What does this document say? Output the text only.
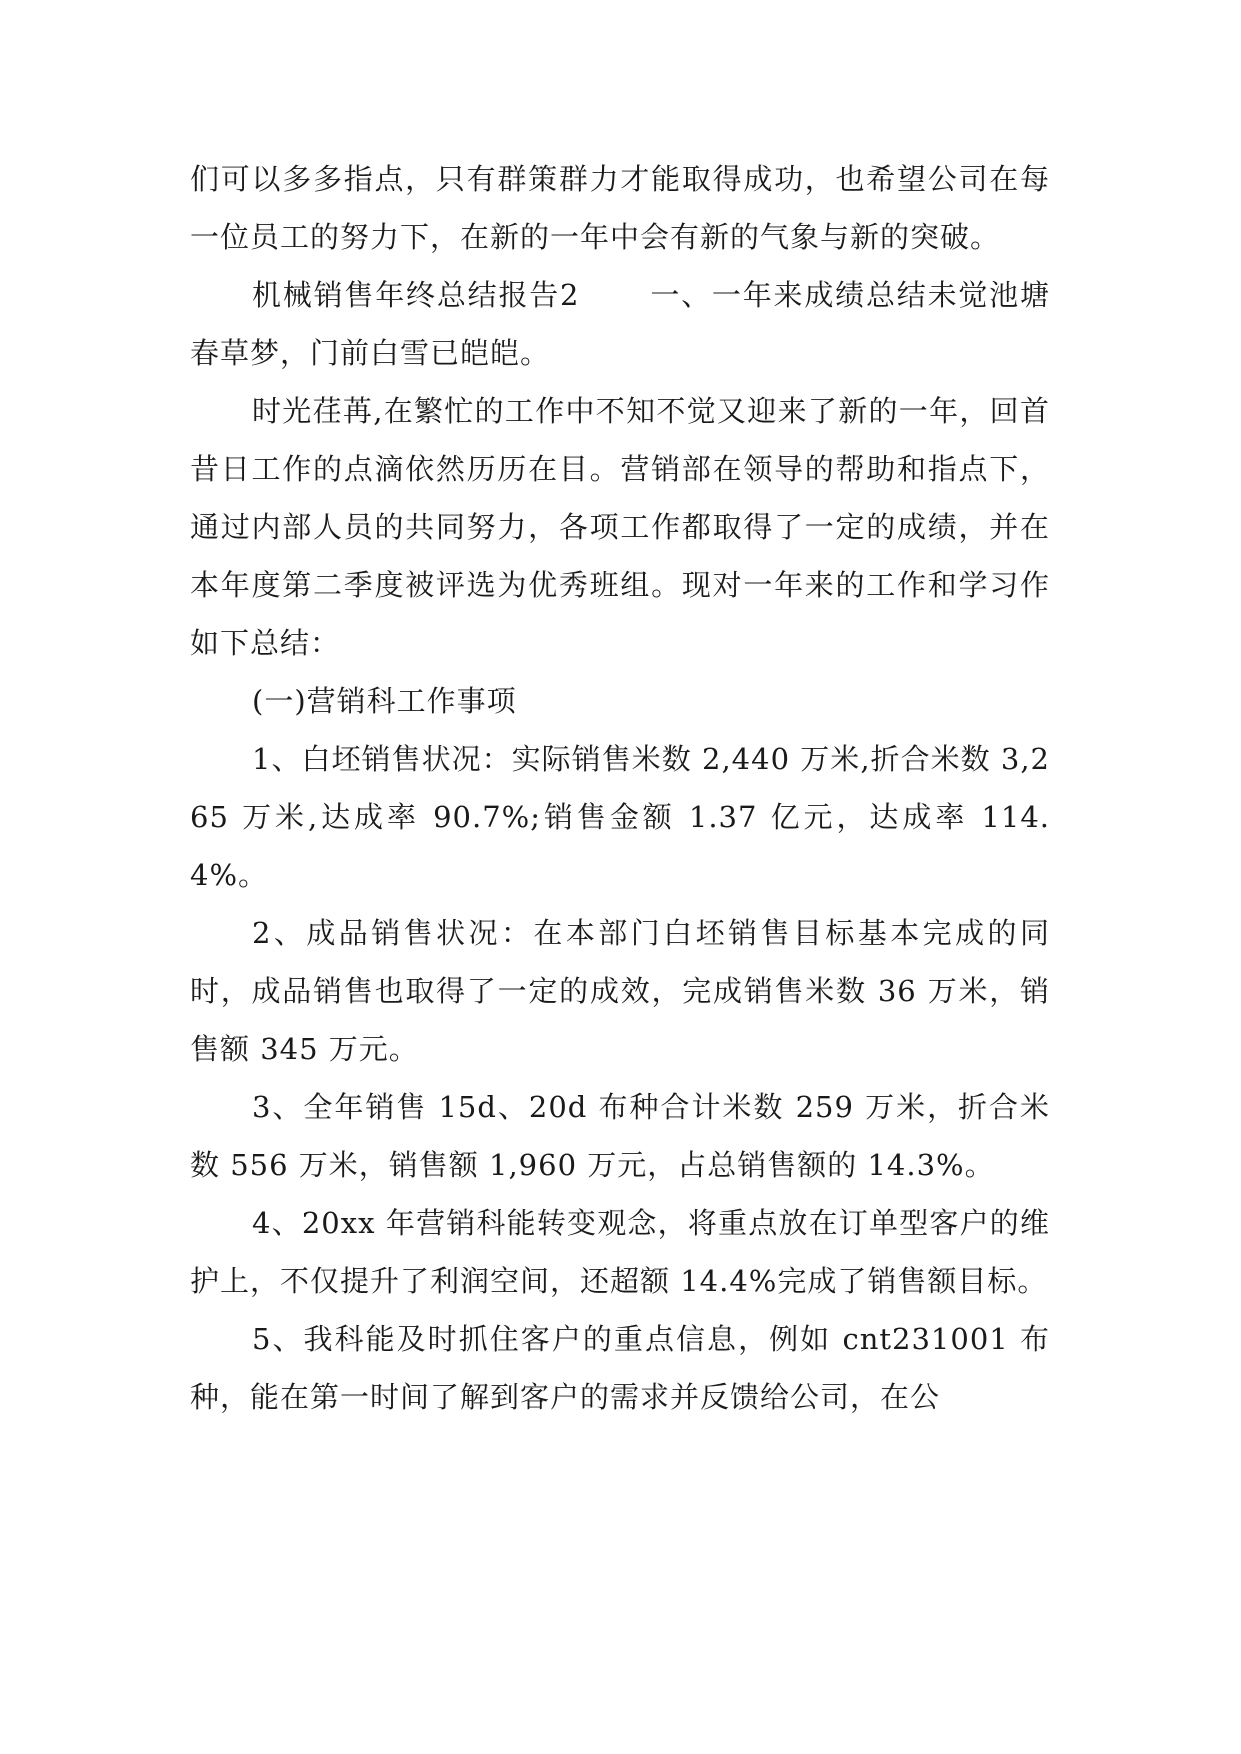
们可以多多指点，只有群策群力才能取得成功，也希望公司在每一位员工的努力下，在新的一年中会有新的气象与新的突破。

机械销售年终总结报告2 一、一年来成绩总结未觉池塘春草梦，门前白雪已皑皑。

时光荏苒,在繁忙的工作中不知不觉又迎来了新的一年，回首昔日工作的点滴依然历历在目。营销部在领导的帮助和指点下，通过内部人员的共同努力，各项工作都取得了一定的成绩，并在本年度第二季度被评选为优秀班组。现对一年来的工作和学习作如下总结：

(一)营销科工作事项

1、白坯销售状况：实际销售米数 2,440 万米,折合米数 3,265 万米,达成率 90.7%;销售金额 1.37 亿元，达成率 114.4%。

2、成品销售状况：在本部门白坯销售目标基本完成的同时，成品销售也取得了一定的成效，完成销售米数 36 万米，销售额 345 万元。

3、全年销售 15d、20d 布种合计米数 259 万米，折合米数 556 万米，销售额 1,960 万元，占总销售额的 14.3%。

4、20xx 年营销科能转变观念，将重点放在订单型客户的维护上，不仅提升了利润空间，还超额 14.4%完成了销售额目标。

5、我科能及时抓住客户的重点信息，例如 cnt231001 布种，能在第一时间了解到客户的需求并反馈给公司，在公
